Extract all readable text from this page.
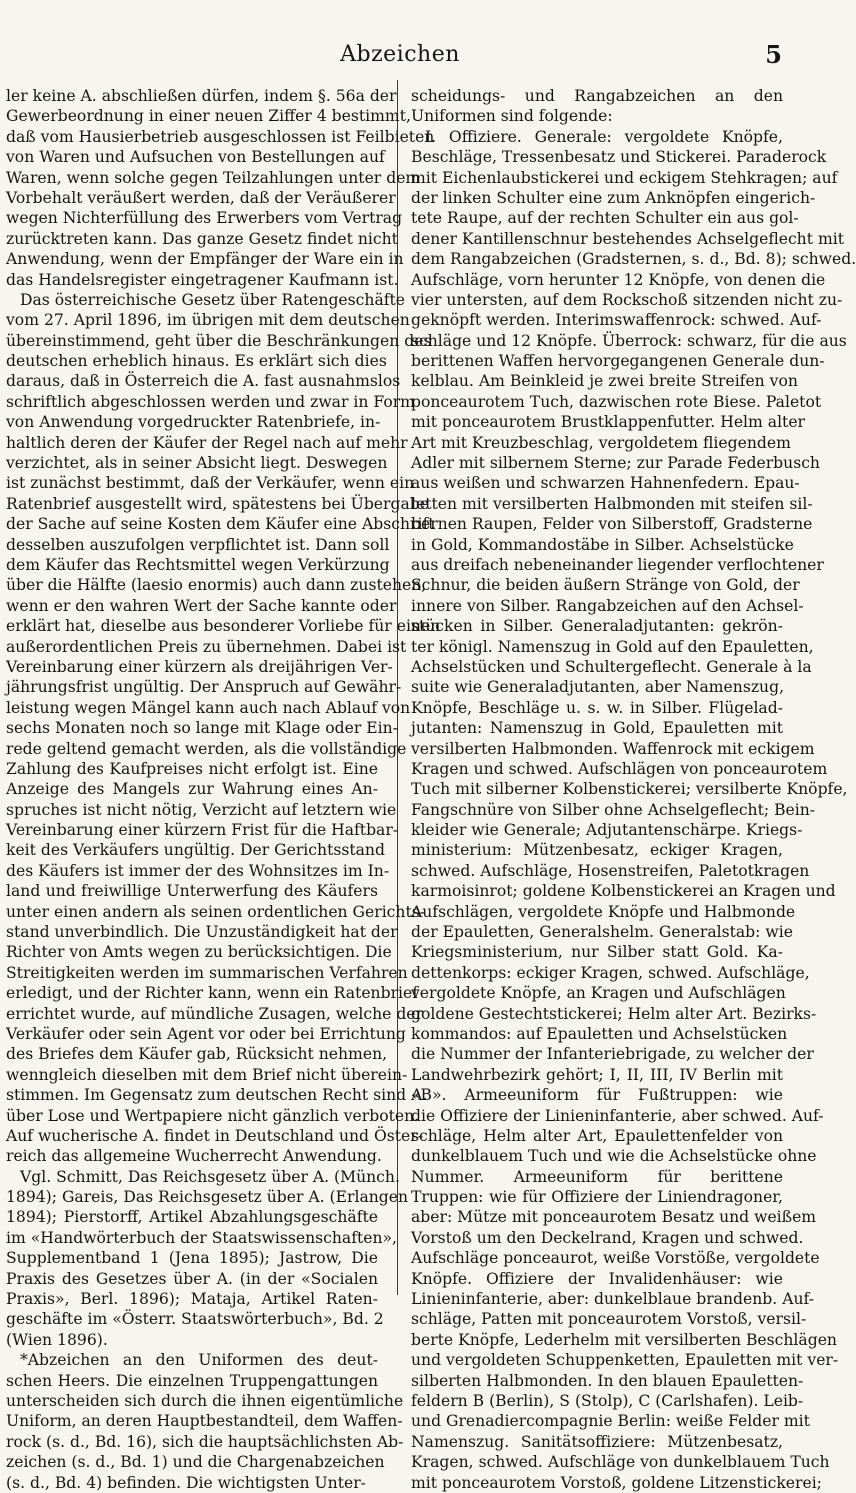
Abzeichen	5
ler keine A. abschließen dürfen, indem §. 56a der
Gewerbeordnung in einer neuen Ziffer 4 bestimmt,
daß vom Hausierbetrieb ausgeschlossen ist Feilbieten
von Waren und Aufsuchen von Bestellungen auf
Waren, wenn solche gegen Teilzahlungen unter dem
Vorbehalt veräußert werden, daß der Veräußerer
wegen Nichterfüllung des Erwerbers vom Vertrag
zurücktreten kann. Das ganze Gesetz findet nicht
Anwendung, wenn der Empfänger der Ware ein in
das Handelsregister eingetragener Kaufmann ist.
Das österreichische Gesetz über Ratengeschäfte
vom 27. April 1896, im übrigen mit dem deutschen
übereinstimmend, geht über die Beschränkungen des
deutschen erheblich hinaus. Es erklärt sich dies
daraus, daß in Österreich die A. fast ausnahmslos
schriftlich abgeschlossen werden und zwar in Form
von Anwendung vorgedruckter Ratenbriefe, in-
haltlich deren der Käufer der Regel nach auf mehr
verzichtet, als in seiner Absicht liegt. Deswegen
ist zunächst bestimmt, daß der Verkäufer, wenn ein
Ratenbrief ausgestellt wird, spätestens bei Übergabe
der Sache auf seine Kosten dem Käufer eine Abschrift
desselben auszufolgen verpflichtet ist. Dann soll
dem Käufer das Rechtsmittel wegen Verkürzung
über die Hälfte (laesio enormis) auch dann zustehen,
wenn er den wahren Wert der Sache kannte oder
erklärt hat, dieselbe aus besonderer Vorliebe für einen
außerordentlichen Preis zu übernehmen. Dabei ist
Vereinbarung einer kürzern als dreijährigen Ver-
jährungsfrist ungültig. Der Anspruch auf Gewähr-
leistung wegen Mängel kann auch nach Ablauf von
sechs Monaten noch so lange mit Klage oder Ein-
rede geltend gemacht werden, als die vollständige
Zahlung des Kaufpreises nicht erfolgt ist. Eine
Anzeige des Mangels zur Wahrung eines An-
spruches ist nicht nötig, Verzicht auf letztern wie
Vereinbarung einer kürzern Frist für die Haftbar-
keit des Verkäufers ungültig. Der Gerichtsstand
des Käufers ist immer der des Wohnsitzes im In-
land und freiwillige Unterwerfung des Käufers
unter einen andern als seinen ordentlichen Gerichts-
stand unverbindlich. Die Unzuständigkeit hat der
Richter von Amts wegen zu berücksichtigen. Die
Streitigkeiten werden im summarischen Verfahren
erledigt, und der Richter kann, wenn ein Ratenbrief
errichtet wurde, auf mündliche Zusagen, welche der
Verkäufer oder sein Agent vor oder bei Errichtung
des Briefes dem Käufer gab, Rücksicht nehmen,
wenngleich dieselben mit dem Brief nicht überein-
stimmen. Im Gegensatz zum deutschen Recht sind A.
über Lose und Wertpapiere nicht gänzlich verboten.
Auf wucherische A. findet in Deutschland und Öster-
reich das allgemeine Wucherrecht Anwendung.
Vgl. Schmitt, Das Reichsgesetz über A. (Münch.
1894); Gareis, Das Reichsgesetz über A. (Erlangen
1894); Pierstorff, Artikel Abzahlungsgeschäfte
im «Handwörterbuch der Staatswissenschaften»,
Supplementband 1 (Jena 1895); Jastrow, Die
Praxis des Gesetzes über A. (in der «Socialen
Praxis», Berl. 1896); Mataja, Artikel Raten-
geschäfte im «Österr. Staatswörterbuch», Bd. 2
(Wien 1896).
*Abzeichen an den Uniformen des deut-
schen Heers. Die einzelnen Truppengattungen
unterscheiden sich durch die ihnen eigentümliche
Uniform, an deren Hauptbestandteil, dem Waffen-
rock (s. d., Bd. 16), sich die hauptsächlichsten Ab-
zeichen (s. d., Bd. 1) und die Chargenabzeichen
(s. d., Bd. 4) befinden. Die wichtigsten Unter-
scheidungs- und Rangabzeichen an den
Uniformen sind folgende:
I. Offiziere. Generale: vergoldete Knöpfe,
Beschläge, Tressenbesatz und Stickerei. Paraderock
mit Eichenlaubstickerei und eckigem Stehkragen; auf
der linken Schulter eine zum Anknöpfen eingerich-
tete Raupe, auf der rechten Schulter ein aus gol-
dener Kantillenschnur bestehendes Achselgeflecht mit
dem Rangabzeichen (Gradsternen, s. d., Bd. 8); schwed.
Aufschläge, vorn herunter 12 Knöpfe, von denen die
vier untersten, auf dem Rockschoß sitzenden nicht zu-
geknöpft werden. Interimswaffenrock: schwed. Auf-
schläge und 12 Knöpfe. Überrock: schwarz, für die aus
berittenen Waffen hervorgegangenen Generale dun-
kelblau. Am Beinkleid je zwei breite Streifen von
ponceaurotem Tuch, dazwischen rote Biese. Paletot
mit ponceaurotem Brustklappenfutter. Helm alter
Art mit Kreuzbeschlag, vergoldetem fliegendem
Adler mit silbernem Sterne; zur Parade Federbusch
aus weißen und schwarzen Hahnenfedern. Epau-
letten mit versilberten Halbmonden mit steifen sil-
bernen Raupen, Felder von Silberstoff, Gradsterne
in Gold, Kommandostäbe in Silber. Achselstücke
aus dreifach nebeneinander liegender verflochtener
Schnur, die beiden äußern Stränge von Gold, der
innere von Silber. Rangabzeichen auf den Achsel-
stücken in Silber. Generaladjutanten: gekrön-
ter königl. Namenszug in Gold auf den Epauletten,
Achselstücken und Schultergeflecht. Generale à la
suite wie Generaladjutanten, aber Namenszug,
Knöpfe, Beschläge u. s. w. in Silber. Flügelad-
jutanten: Namenszug in Gold, Epauletten mit
versilberten Halbmonden. Waffenrock mit eckigem
Kragen und schwed. Aufschlägen von ponceaurotem
Tuch mit silberner Kolbenstickerei; versilberte Knöpfe,
Fangschnüre von Silber ohne Achselgeflecht; Bein-
kleider wie Generale; Adjutantenschärpe. Kriegs-
ministerium: Mützenbesatz, eckiger Kragen,
schwed. Aufschläge, Hosenstreifen, Paletotkragen
karmoisinrot; goldene Kolbenstickerei an Kragen und
Aufschlägen, vergoldete Knöpfe und Halbmonde
der Epauletten, Generalshelm. Generalstab: wie
Kriegsministerium, nur Silber statt Gold. Ka-
dettenkorps: eckiger Kragen, schwed. Aufschläge,
vergoldete Knöpfe, an Kragen und Aufschlägen
goldene Gestechtstickerei; Helm alter Art. Bezirks-
kommandos: auf Epauletten und Achselstücken
die Nummer der Infanteriebrigade, zu welcher der
Landwehrbezirk gehört; I, II, III, IV Berlin mit
«B». Armeeuniform für Fußtruppen: wie
die Offiziere der Linieninfanterie, aber schwed. Auf-
schläge, Helm alter Art, Epaulettenfelder von
dunkelblauem Tuch und wie die Achselstücke ohne
Nummer. Armeeuniform für berittene
Truppen: wie für Offiziere der Liniendragoner,
aber: Mütze mit ponceaurotem Besatz und weißem
Vorstoß um den Deckelrand, Kragen und schwed.
Aufschläge ponceaurot, weiße Vorstöße, vergoldete
Knöpfe. Offiziere der Invalidenhäuser: wie
Linieninfanterie, aber: dunkelblaue brandenb. Auf-
schläge, Patten mit ponceaurotem Vorstoß, versil-
berte Knöpfe, Lederhelm mit versilberten Beschlägen
und vergoldeten Schuppenketten, Epauletten mit ver-
silberten Halbmonden. In den blauen Epauletten-
feldern B (Berlin), S (Stolp), C (Carlshafen). Leib-
und Grenadiercompagnie Berlin: weiße Felder mit
Namenszug. Sanitätsoffiziere: Mützenbesatz,
Kragen, schwed. Aufschläge von dunkelblauem Tuch
mit ponceaurotem Vorstoß, goldene Litzenstickerei;
